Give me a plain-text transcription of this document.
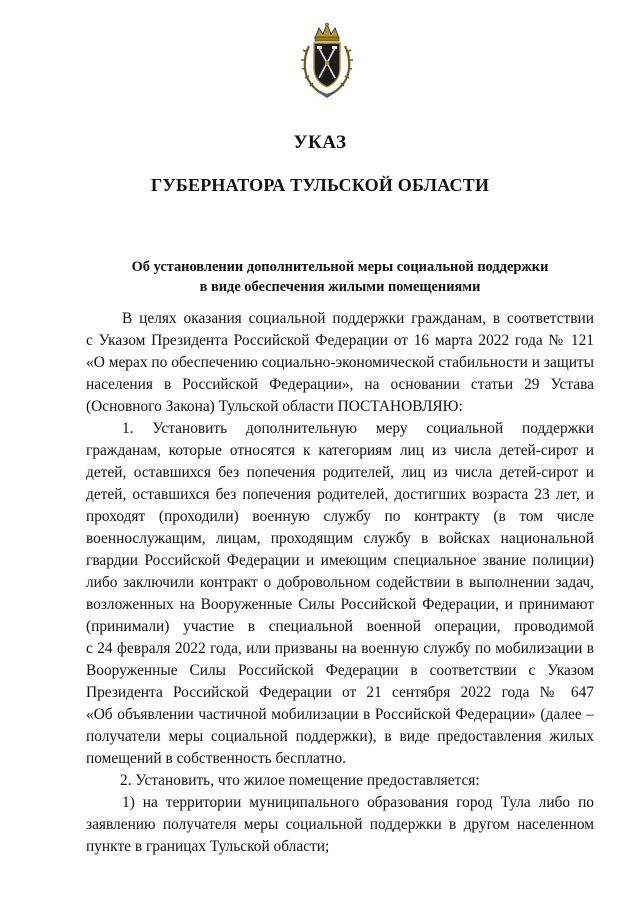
УКАЗ
ГУБЕРНАТОРА ТУЛЬСКОЙ ОБЛАСТИ
Об установлении дополнительной меры социальной поддержки
в виде обеспечения жилыми помещениями
В целях оказания социальной поддержки гражданам, в соответствии
с Указом Президента Российской Федерации от 16 марта 2022 года № 121
«О мерах по обеспечению социально-экономической стабильности и защиты
населения в Российской Федерации», на основании статьи 29 Устава
(Основного Закона) Тульской области ПОСТАНОВЛЯЮ:
1. Установить дополнительную меру социальной поддержки
гражданам, которые относятся к категориям лиц из числа детей-сирот и
детей, оставшихся без попечения родителей, лиц из числа детей-сирот и
детей, оставшихся без попечения родителей, достигших возраста 23 лет, и
проходят (проходили) военную службу по контракту (в том числе
военнослужащим, лицам, проходящим службу в войсках национальной
гвардии Российской Федерации и имеющим специальное звание полиции)
либо заключили контракт о добровольном содействии в выполнении задач,
возложенных на Вооруженные Силы Российской Федерации, и принимают
(принимали) участие в специальной военной операции, проводимой
с 24 февраля 2022 года, или призваны на военную службу по мобилизации в
Вооруженные Силы Российской Федерации в соответствии с Указом
Президента Российской Федерации от 21 сентября 2022 года № 647
«Об объявлении частичной мобилизации в Российской Федерации» (далее –
получатели меры социальной поддержки), в виде предоставления жилых
помещений в собственность бесплатно.
2. Установить, что жилое помещение предоставляется:
1) на территории муниципального образования город Тула либо по
заявлению получателя меры социальной поддержки в другом населенном
пункте в границах Тульской области;
